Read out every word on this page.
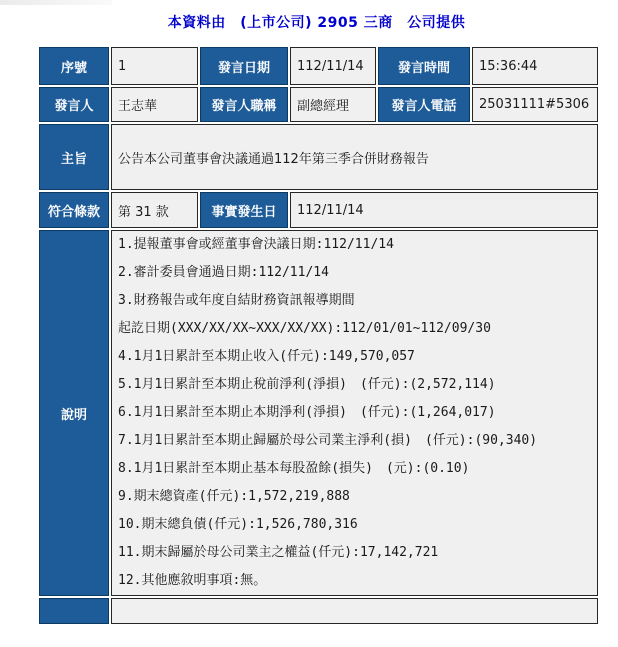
本資料由　(上市公司) 2905 三商　公司提供
序號	1	發言日期	112/11/14	發言時間	15:36:44
發言人	王志華	發言人職稱	副總經理	發言人電話	25031111#5306
主旨	公告本公司董事會決議通過112年第三季合併財務報告				
符合條款	第 31 款	事實發生日	112/11/14		
說明	
1.提報董事會或經董事會決議日期:112/11/14
2.審計委員會通過日期:112/11/14
3.財務報告或年度自結財務資訊報導期間
起訖日期(XXX/XX/XX~XXX/XX/XX):112/01/01~112/09/30
4.1月1日累計至本期止收入(仟元):149,570,057
5.1月1日累計至本期止稅前淨利(淨損)　(仟元):(2,572,114)
6.1月1日累計至本期止本期淨利(淨損)　(仟元):(1,264,017)
7.1月1日累計至本期止歸屬於母公司業主淨利(損)　(仟元):(90,340)
8.1月1日累計至本期止基本每股盈餘(損失)　(元):(0.10)
9.期末總資產(仟元):1,572,219,888
10.期末總負債(仟元):1,526,780,316
11.期末歸屬於母公司業主之權益(仟元):17,142,721
12.其他應敘明事項:無。
